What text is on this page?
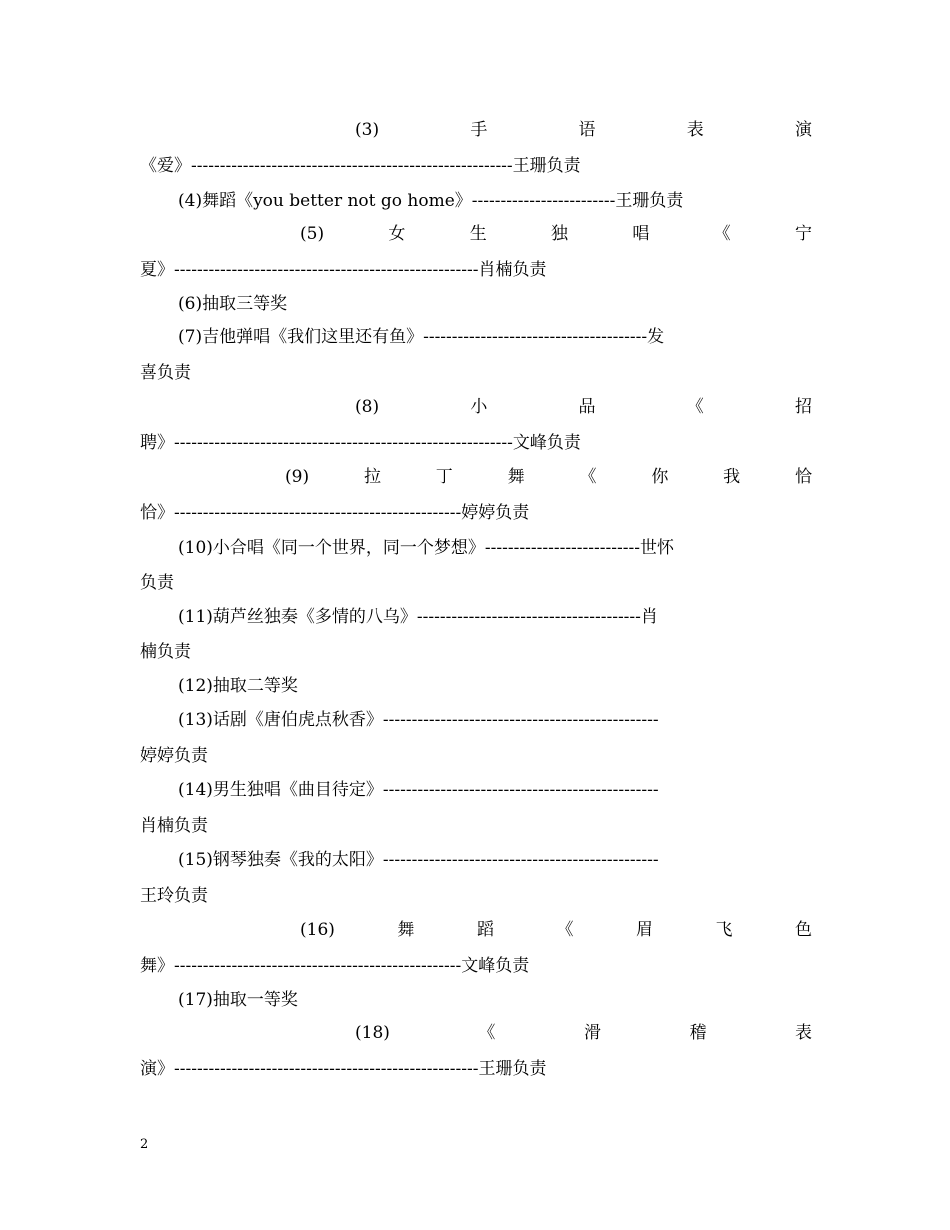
(3)	手	语	表	演
《爱》--------------------------------------------------------王珊负责
(4)舞蹈《you better not go home》-------------------------王珊负责
(5)	女	生	独	唱	《	宁
夏》-----------------------------------------------------肖楠负责
(6)抽取三等奖
(7)吉他弹唱《我们这里还有鱼》---------------------------------------发
喜负责
(8)	小	品	《	招
聘》-----------------------------------------------------------文峰负责
(9)	拉	丁	舞	《	你	我	恰
恰》--------------------------------------------------婷婷负责
(10)小合唱《同一个世界，同一个梦想》---------------------------世怀
负责
(11)葫芦丝独奏《多情的八乌》---------------------------------------肖
楠负责
(12)抽取二等奖
(13)话剧《唐伯虎点秋香》------------------------------------------------
婷婷负责
(14)男生独唱《曲目待定》------------------------------------------------
肖楠负责
(15)钢琴独奏《我的太阳》------------------------------------------------
王玲负责
(16)	舞	蹈	《	眉	飞	色
舞》--------------------------------------------------文峰负责
(17)抽取一等奖
(18)	《	滑	稽	表
演》-----------------------------------------------------王珊负责
2
